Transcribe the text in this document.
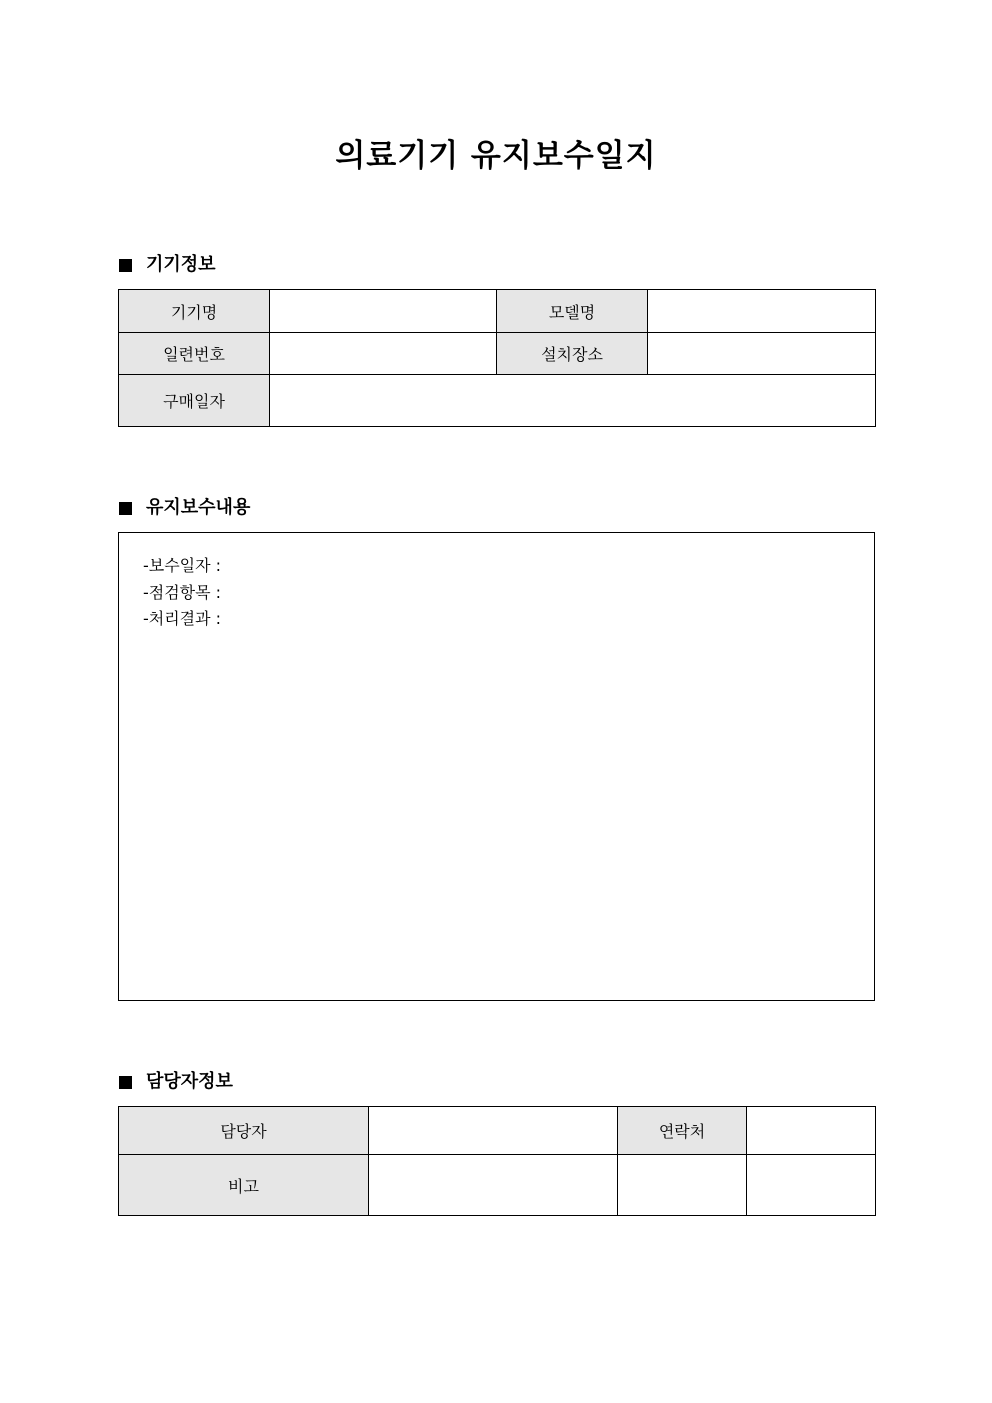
의료기기 유지보수일지
기기정보
기기명		모델명	
일련번호		설치장소	
구매일자			
유지보수내용
-보수일자 :
-점검항목 :
-처리결과 :
담당자정보
담당자		연락처	
비고			
